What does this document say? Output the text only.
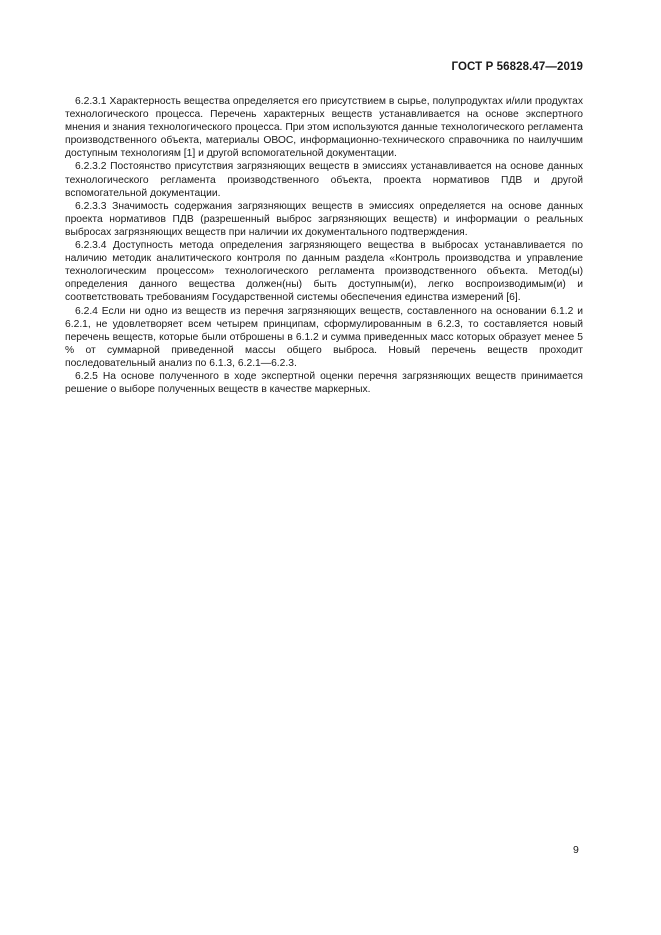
ГОСТ Р 56828.47—2019

6.2.3.1 Характерность вещества определяется его присутствием в сырье, полупродуктах и/или продуктах технологического процесса. Перечень характерных веществ устанавливается на основе экспертного мнения и знания технологического процесса. При этом используются данные технологического регламента производственного объекта, материалы ОВОС, информационно-технического справочника по наилучшим доступным технологиям [1] и другой вспомогательной документации.

6.2.3.2 Постоянство присутствия загрязняющих веществ в эмиссиях устанавливается на основе данных технологического регламента производственного объекта, проекта нормативов ПДВ и другой вспомогательной документации.

6.2.3.3 Значимость содержания загрязняющих веществ в эмиссиях определяется на основе данных проекта нормативов ПДВ (разрешенный выброс загрязняющих веществ) и информации о реальных выбросах загрязняющих веществ при наличии их документального подтверждения.

6.2.3.4 Доступность метода определения загрязняющего вещества в выбросах устанавливается по наличию методик аналитического контроля по данным раздела «Контроль производства и управление технологическим процессом» технологического регламента производственного объекта. Метод(ы) определения данного вещества должен(ны) быть доступным(и), легко воспроизводимым(и) и соответствовать требованиям Государственной системы обеспечения единства измерений [6].

6.2.4 Если ни одно из веществ из перечня загрязняющих веществ, составленного на основании 6.1.2 и 6.2.1, не удовлетворяет всем четырем принципам, сформулированным в 6.2.3, то составляется новый перечень веществ, которые были отброшены в 6.1.2 и сумма приведенных масс которых образует менее 5 % от суммарной приведенной массы общего выброса. Новый перечень веществ проходит последовательный анализ по 6.1.3, 6.2.1—6.2.3.

6.2.5 На основе полученного в ходе экспертной оценки перечня загрязняющих веществ принимается решение о выборе полученных веществ в качестве маркерных.

9
